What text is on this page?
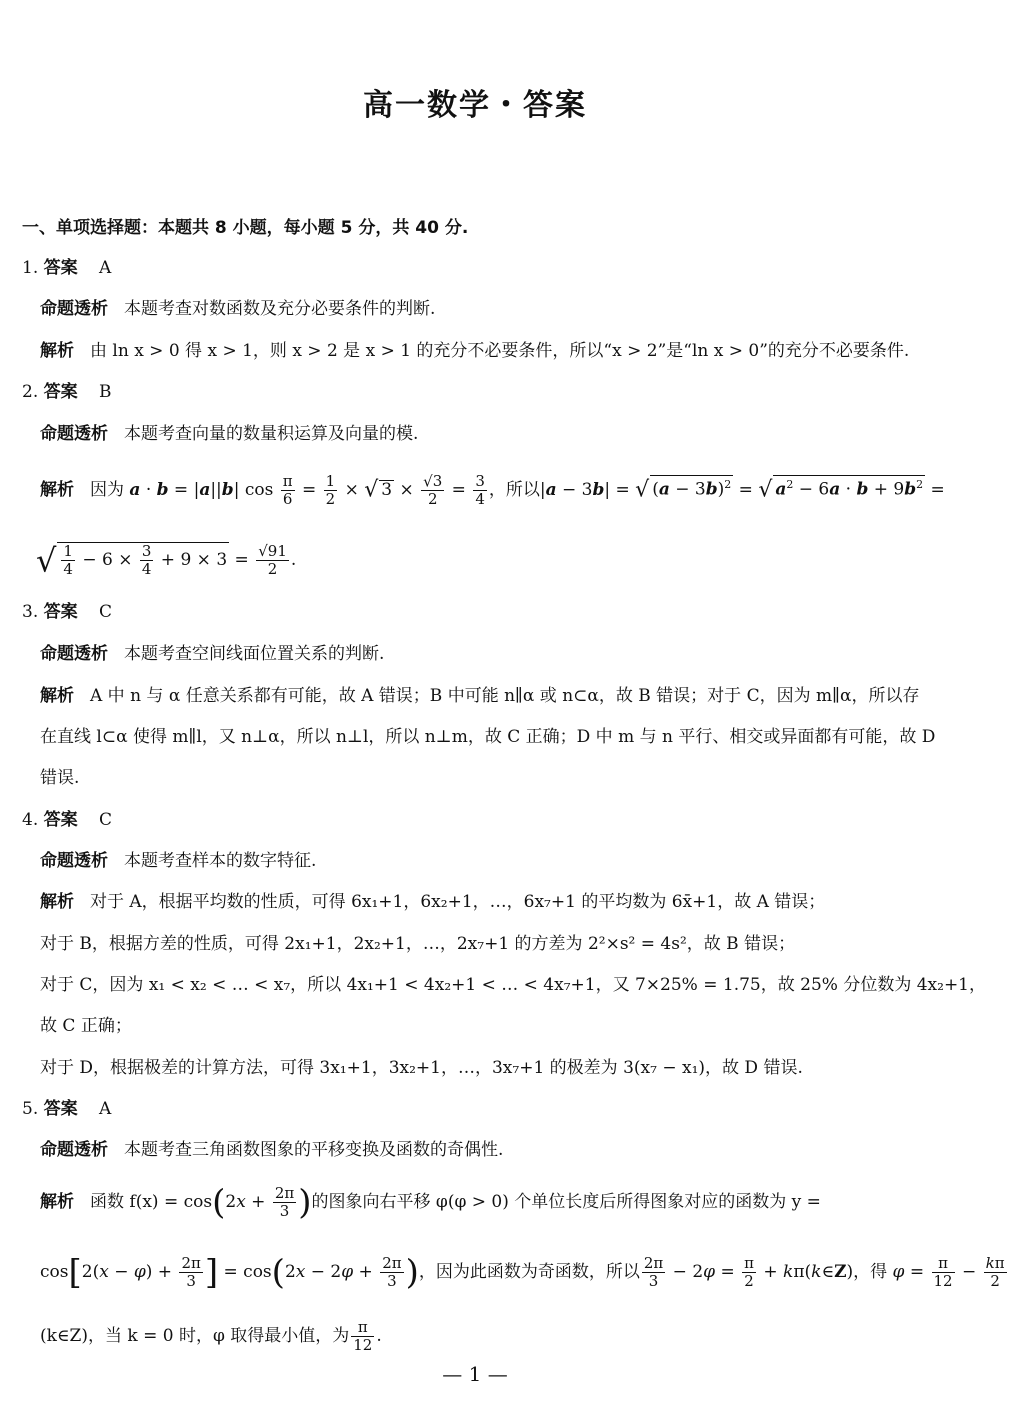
高一数学・答案
一、单项选择题：本题共 8 小题，每小题 5 分，共 40 分.
1. 答案 A
命题透析 本题考查对数函数及充分必要条件的判断.
解析 由 ln x > 0 得 x > 1，则 x > 2 是 x > 1 的充分不必要条件，所以“x > 2”是“ln x > 0”的充分不必要条件.
2. 答案 B
命题透析 本题考查向量的数量积运算及向量的模.
解析 因为 a · b = |a||b| $\cos \frac{\pi}{6} = \frac{1}{2}$ × √ $3 \times \frac{√3}{2} = \frac{3}{4}$ ，所以|a − 3b| = √ $(a - 3b)^2$ = √ $a^2 - 6a \cdot b + 9b^2$ =
√ $\frac{1}{4} - 6 \times \frac{3}{4} + 9 \times 3 = \frac{√91}{2}$ .
3. 答案 C
命题透析 本题考查空间线面位置关系的判断.
解析 A 中 n 与 α 任意关系都有可能，故 A 错误；B 中可能 n∥α 或 n⊂α，故 B 错误；对于 C，因为 m∥α，所以存
在直线 l⊂α 使得 m∥l，又 n⊥α，所以 n⊥l，所以 n⊥m，故 C 正确；D 中 m 与 n 平行、相交或异面都有可能，故 D
错误.
4. 答案 C
命题透析 本题考查样本的数字特征.
解析 对于 A，根据平均数的性质，可得 6x₁+1，6x₂+1，…，6x₇+1 的平均数为 6x̄+1，故 A 错误；
对于 B，根据方差的性质，可得 2x₁+1，2x₂+1，…，2x₇+1 的方差为 2²×s² = 4s²，故 B 错误；
对于 C，因为 x₁ < x₂ < … < x₇，所以 4x₁+1 < 4x₂+1 < … < 4x₇+1，又 7×25% = 1.75，故 25% 分位数为 4x₂+1，
故 C 正确；
对于 D，根据极差的计算方法，可得 3x₁+1，3x₂+1，…，3x₇+1 的极差为 3(x₇ − x₁)，故 D 错误.
5. 答案 A
命题透析 本题考查三角函数图象的平移变换及函数的奇偶性.
解析 函数 $f(x) = \cos(2x + \frac{2\pi}{3}$ )的图象向右平移 φ(φ > 0) 个单位长度后所得图象对应的函数为 y =
$\cos[2(x - \varphi) + \frac{2\pi}{3}$ ] = $\cos(2x - 2\varphi + \frac{2\pi}{3}$ )，因为此函数为奇函数，所以 $\frac{2\pi}{3} - 2\varphi = \frac{\pi}{2}$ + kπ(k∈Z)，得 $\varphi = \frac{\pi}{12} - \frac{k\pi}{2}$
(k∈Z)，当 k = 0 时，φ 取得最小值，为 $\frac{\pi}{12}$ .
— 1 —
